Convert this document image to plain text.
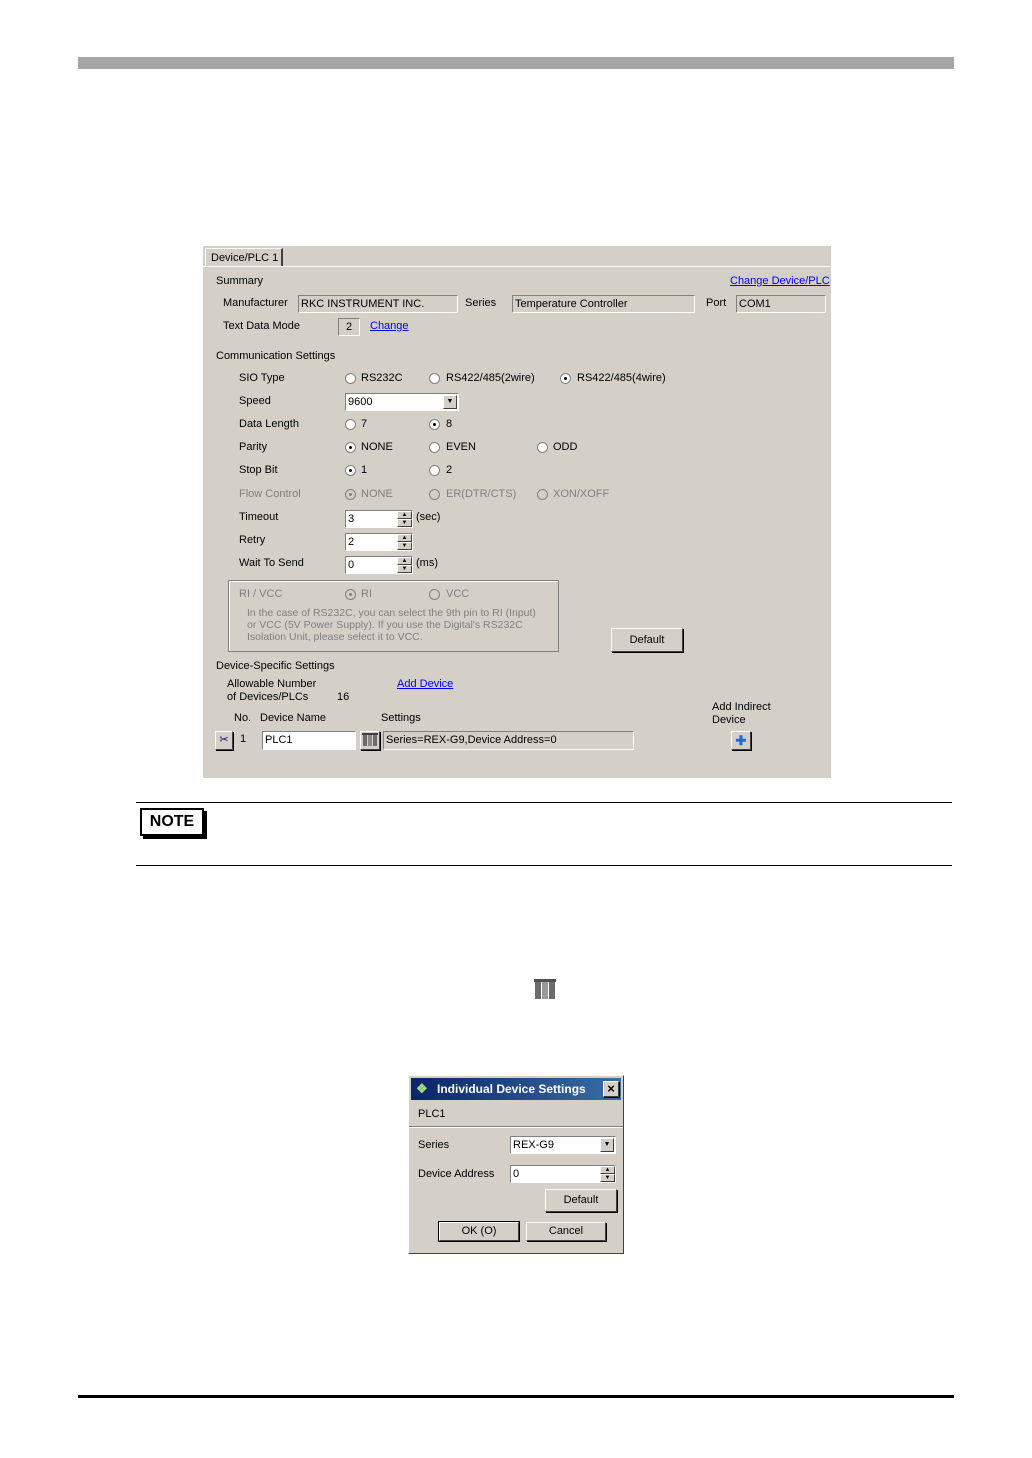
Device/PLC 1
Summary	Change Device/PLC
Manufacturer RKC INSTRUMENT INC.	Series Temperature Controller	Port COM1
Text Data Mode	2	Change
Communication Settings
SIO Type	RS232C	RS422/485(2wire)	RS422/485(4wire)
Speed	9600	▼
Data Length	7	8
Parity	NONE	EVEN	ODD
Stop Bit	1	2
Flow Control	NONE	ER(DTR/CTS)	XON/XOFF
Timeout	3	▲
▼ (sec)
Retry	2	▲
▼
Wait To Send	0	▲
▼ (ms)
RI / VCC	RI	VCC
In the case of RS232C, you can select the 9th pin to RI (Input)
or VCC (5V Power Supply). If you use the Digital's RS232C
Isolation Unit, please select it to VCC.	Default
Device-Specific Settings
Allowable Number
of Devices/PLCs	16
Add Device
No. Device Name	Settings
Add Indirect
Device
✂	1 PLC1	Series=REX-G9,Device Address=0	✚
NOTE
❖ Individual Device Settings	×
PLC1
Series	REX-G9	▼
Device Address 0	▲
▼
Default
OK (O)	Cancel
